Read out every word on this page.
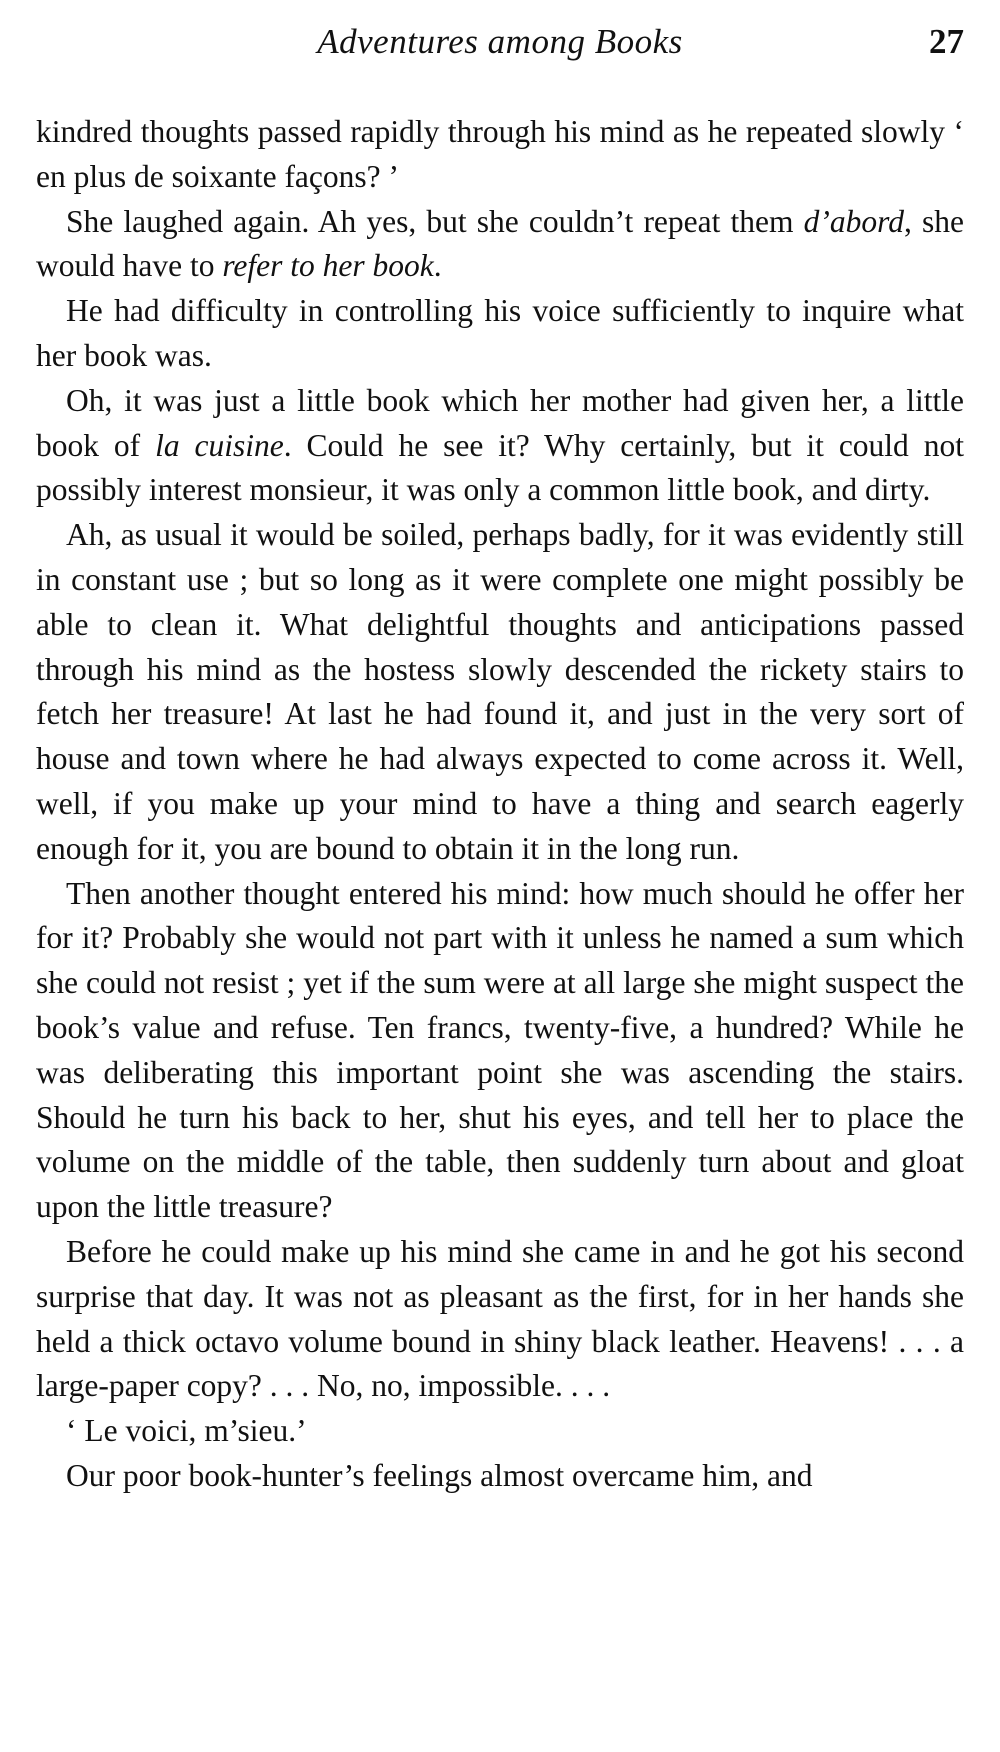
Adventures among Books	27

kindred thoughts passed rapidly through his mind as he repeated slowly ‘ en plus de soixante façons? ’

She laughed again. Ah yes, but she couldn’t repeat them d’abord, she would have to refer to her book.

He had difficulty in controlling his voice sufficiently to inquire what her book was.

Oh, it was just a little book which her mother had given her, a little book of la cuisine. Could he see it? Why certainly, but it could not possibly interest monsieur, it was only a common little book, and dirty.

Ah, as usual it would be soiled, perhaps badly, for it was evidently still in constant use ; but so long as it were complete one might possibly be able to clean it. What delightful thoughts and anticipations passed through his mind as the hostess slowly descended the rickety stairs to fetch her treasure! At last he had found it, and just in the very sort of house and town where he had always expected to come across it. Well, well, if you make up your mind to have a thing and search eagerly enough for it, you are bound to obtain it in the long run.

Then another thought entered his mind: how much should he offer her for it? Probably she would not part with it unless he named a sum which she could not resist ; yet if the sum were at all large she might suspect the book’s value and refuse. Ten francs, twenty-five, a hundred? While he was deliberating this important point she was ascending the stairs. Should he turn his back to her, shut his eyes, and tell her to place the volume on the middle of the table, then suddenly turn about and gloat upon the little treasure?

Before he could make up his mind she came in and he got his second surprise that day. It was not as pleasant as the first, for in her hands she held a thick octavo volume bound in shiny black leather. Heavens! . . . a large-paper copy? . . . No, no, impossible. . . .

‘ Le voici, m’sieu.’

Our poor book-hunter’s feelings almost overcame him, and
